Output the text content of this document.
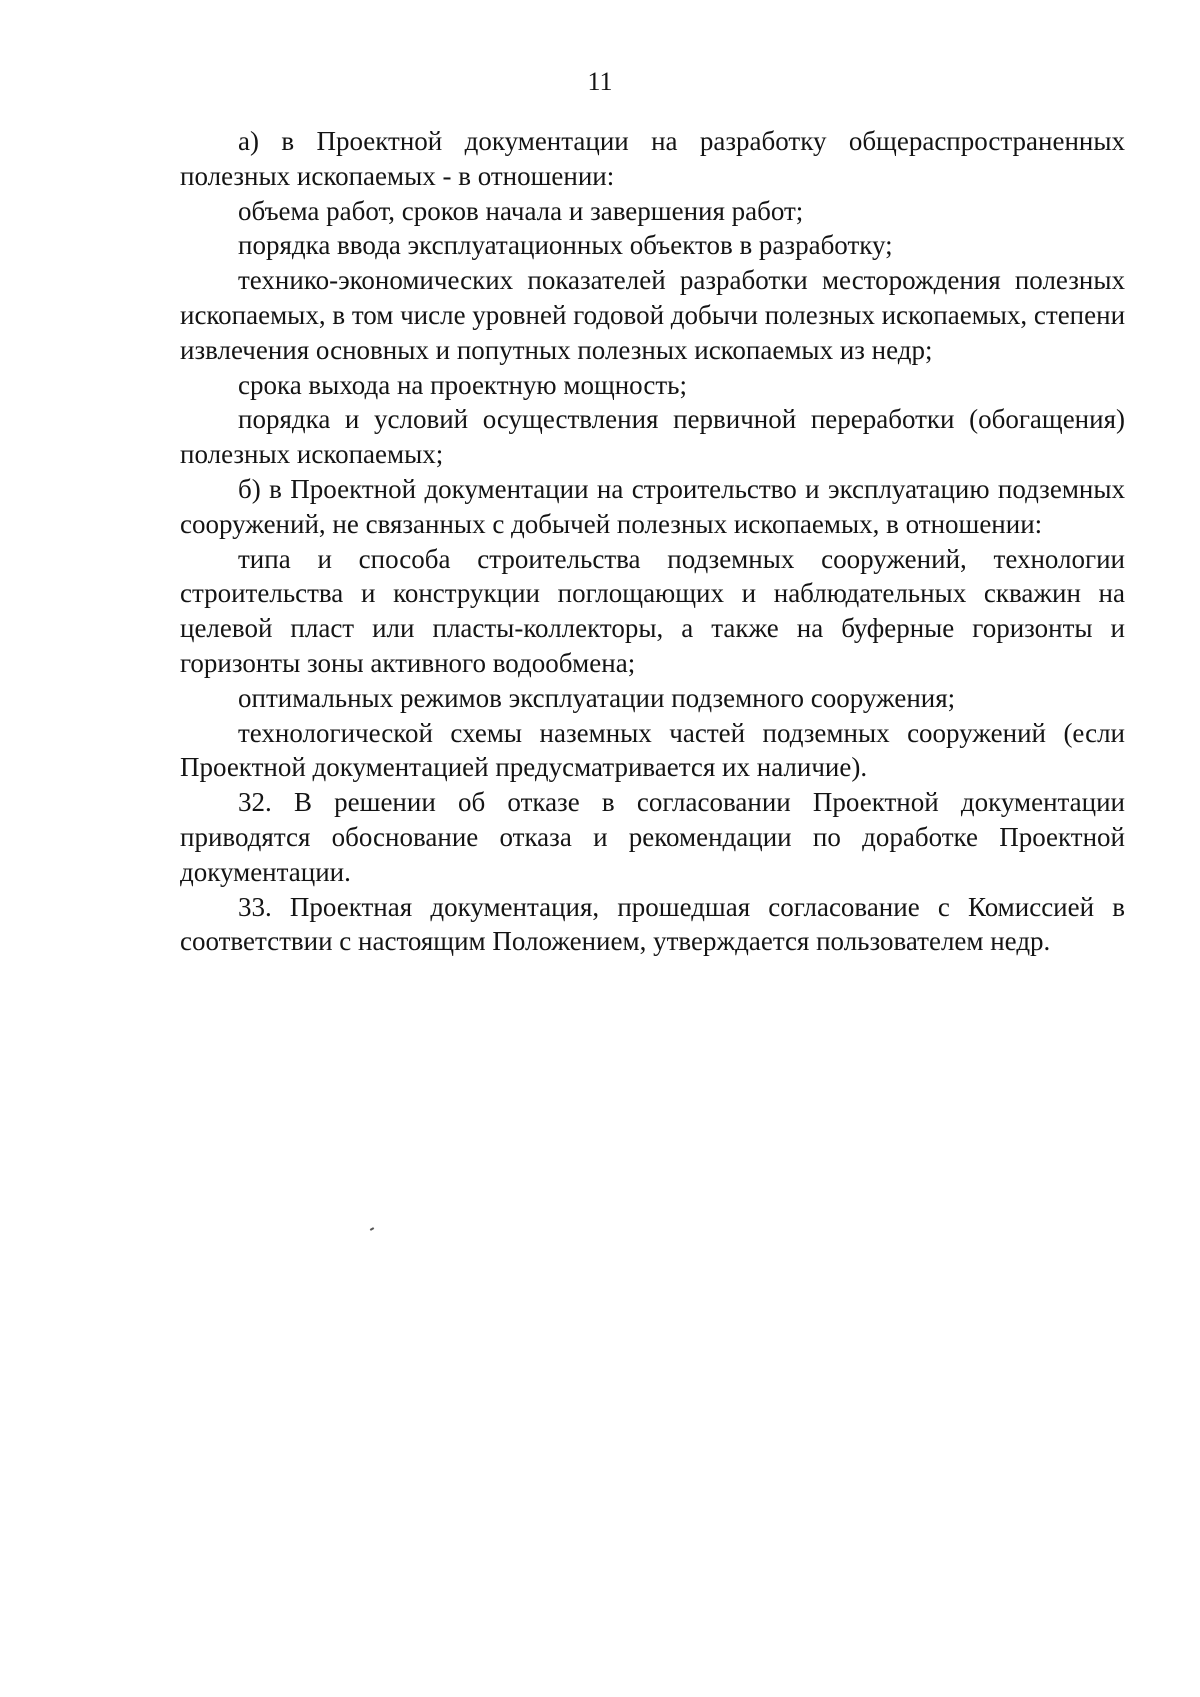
11

а) в Проектной документации на разработку общераспространенных полезных ископаемых - в отношении:

объема работ, сроков начала и завершения работ;

порядка ввода эксплуатационных объектов в разработку;

технико-экономических показателей разработки месторождения полезных ископаемых, в том числе уровней годовой добычи полезных ископаемых, степени извлечения основных и попутных полезных ископаемых из недр;

срока выхода на проектную мощность;

порядка и условий осуществления первичной переработки (обогащения) полезных ископаемых;

б) в Проектной документации на строительство и эксплуатацию подземных сооружений, не связанных с добычей полезных ископаемых, в отношении:

типа и способа строительства подземных сооружений, технологии строительства и конструкции поглощающих и наблюдательных скважин на целевой пласт или пласты-коллекторы, а также на буферные горизонты и горизонты зоны активного водообмена;

оптимальных режимов эксплуатации подземного сооружения;

технологической схемы наземных частей подземных сооружений (если Проектной документацией предусматривается их наличие).

32. В решении об отказе в согласовании Проектной документации приводятся обоснование отказа и рекомендации по доработке Проектной документации.

33. Проектная документация, прошедшая согласование с Комиссией в соответствии с настоящим Положением, утверждается пользователем недр.
